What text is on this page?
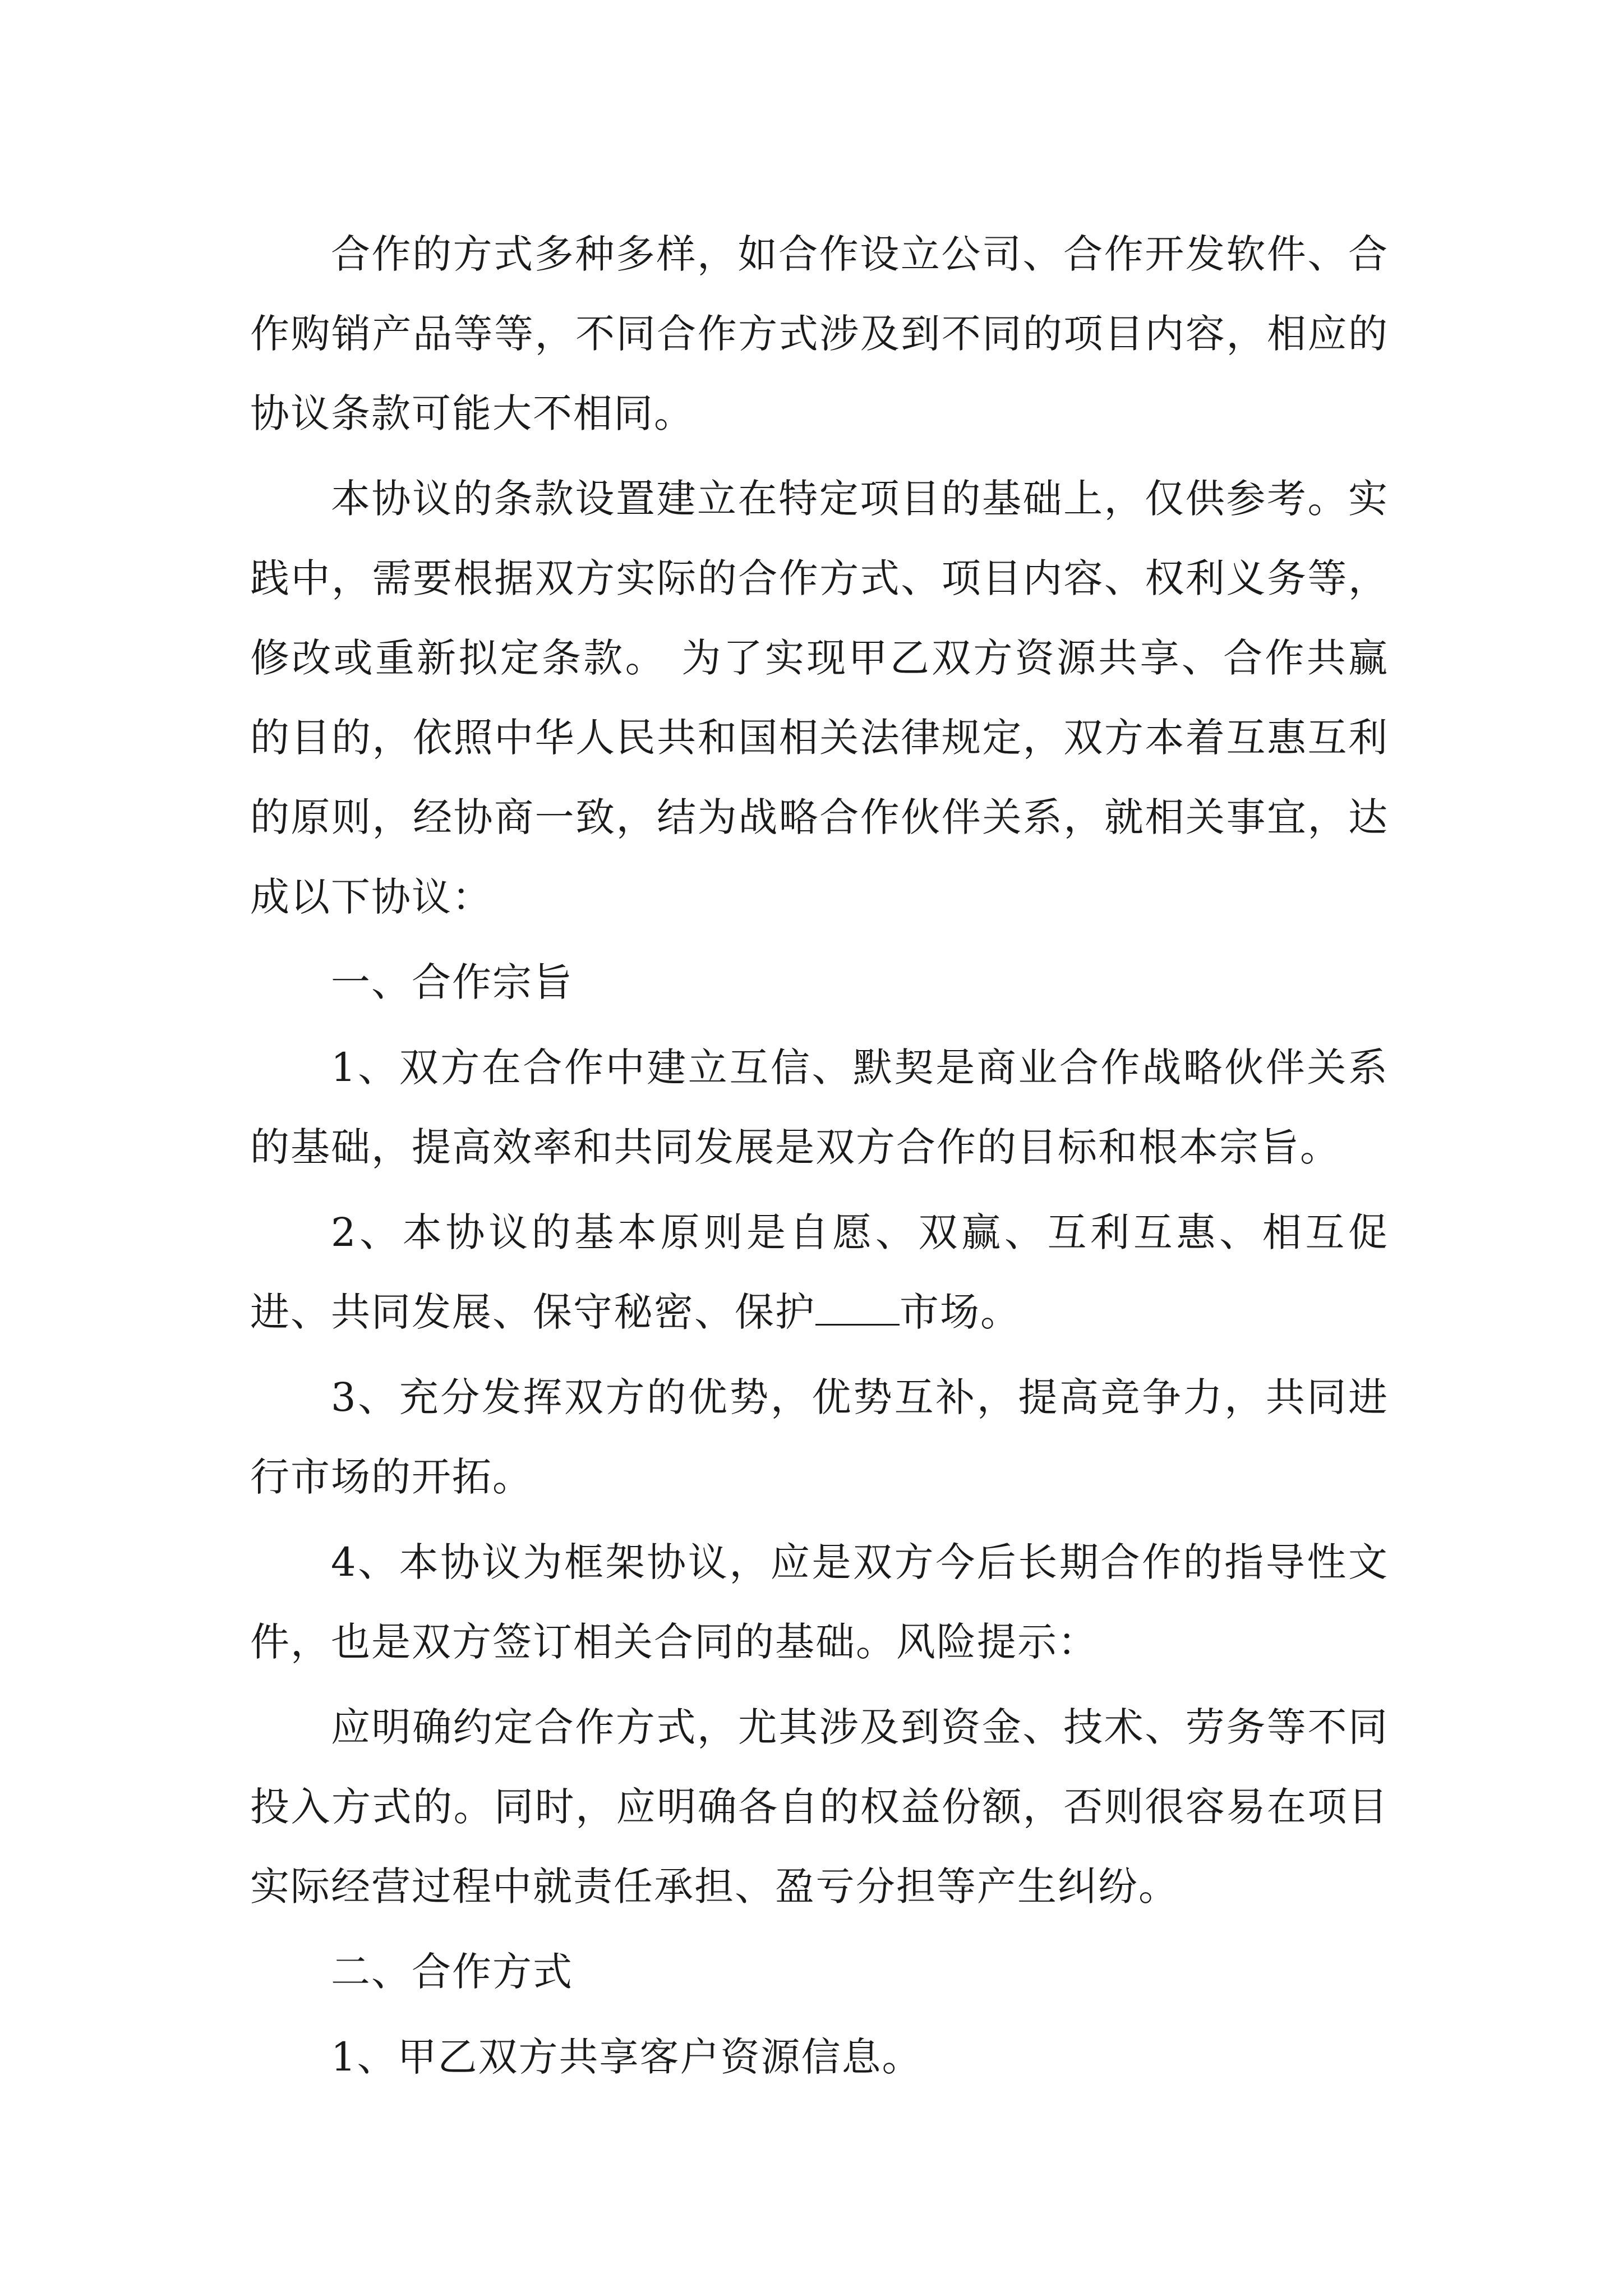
合作的方式多种多样，如合作设立公司、合作开发软件、合作购销产品等等，不同合作方式涉及到不同的项目内容，相应的协议条款可能大不相同。

本协议的条款设置建立在特定项目的基础上，仅供参考。实践中，需要根据双方实际的合作方式、项目内容、权利义务等，修改或重新拟定条款。 为了实现甲乙双方资源共享、合作共赢的目的，依照中华人民共和国相关法律规定，双方本着互惠互利的原则，经协商一致，结为战略合作伙伴关系，就相关事宜，达成以下协议：

一、合作宗旨

1、双方在合作中建立互信、默契是商业合作战略伙伴关系的基础，提高效率和共同发展是双方合作的目标和根本宗旨。

2、本协议的基本原则是自愿、双赢、互利互惠、相互促进、共同发展、保守秘密、保护 市场。

3、充分发挥双方的优势，优势互补，提高竞争力，共同进行市场的开拓。

4、本协议为框架协议，应是双方今后长期合作的指导性文件，也是双方签订相关合同的基础。风险提示：

应明确约定合作方式，尤其涉及到资金、技术、劳务等不同投入方式的。同时，应明确各自的权益份额，否则很容易在项目实际经营过程中就责任承担、盈亏分担等产生纠纷。

二、合作方式

1、甲乙双方共享客户资源信息。
